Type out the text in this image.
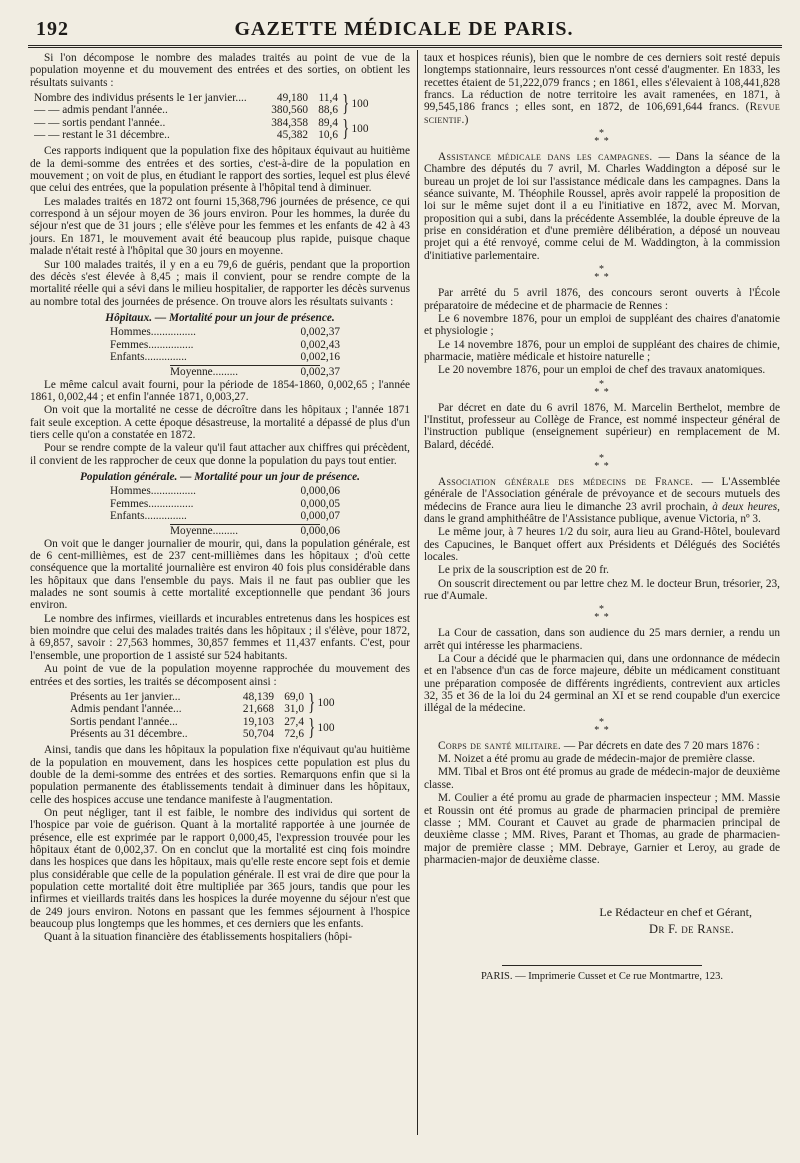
192	GAZETTE MÉDICALE DE PARIS.

Si l'on décompose le nombre des malades traités au point de vue de la population moyenne et du mouvement des entrées et des sorties, on obtient les résultats suivants :

Nombre des individus présents le 1er janvier....	49,180 11,4
— — admis pendant l'année..	380,560 88,6 } 100
— — sortis pendant l'année..	384,358 89,4
— — restant le 31 décembre..	45,382 10,6 } 100

Ces rapports indiquent que la population fixe des hôpitaux équivaut au huitième de la demi-somme des entrées et des sorties, c'est-à-dire de la population en mouvement ; on voit de plus, en étudiant le rapport des sorties, lequel est plus élevé que celui des entrées, que la population présente à l'hôpital tend à diminuer.

Les malades traités en 1872 ont fourni 15,368,796 journées de présence, ce qui correspond à un séjour moyen de 36 jours environ. Pour les hommes, la durée du séjour n'est que de 31 jours ; elle s'élève pour les femmes et les enfants de 42 à 43 jours. En 1871, le mouvement avait été beaucoup plus rapide, puisque chaque malade n'était resté à l'hôpital que 30 jours en moyenne.

Sur 100 malades traités, il y en a eu 79,6 de guéris, pendant que la proportion des décès s'est élevée à 8,45 ; mais il convient, pour se rendre compte de la mortalité réelle qui a sévi dans le milieu hospitalier, de rapporter les décès survenus au nombre total des journées de présence. On trouve alors les résultats suivants :

Hôpitaux. — Mortalité pour un jour de présence.
Hommes................	0,002,37
Femmes................	0,002,43
Enfants...............	0,002,16
Moyenne.........	0,002,37

Le même calcul avait fourni, pour la période de 1854-1860, 0,002,65 ; l'année 1861, 0,002,44 ; et enfin l'année 1871, 0,003,27.

On voit que la mortalité ne cesse de décroître dans les hôpitaux ; l'année 1871 fait seule exception. A cette époque désastreuse, la mortalité a dépassé de plus d'un tiers celle qu'on a constatée en 1872.

Pour se rendre compte de la valeur qu'il faut attacher aux chiffres qui précèdent, il convient de les rapprocher de ceux que donne la population du pays tout entier.

Population générale. — Mortalité pour un jour de présence.
Hommes................	0,000,06
Femmes................	0,000,05
Enfants...............	0,000,07
Moyenne.........	0,000,06

On voit que le danger journalier de mourir, qui, dans la population générale, est de 6 cent-millièmes, est de 237 cent-millièmes dans les hôpitaux ; d'où cette conséquence que la mortalité journalière est environ 40 fois plus considérable dans les hôpitaux que dans l'ensemble du pays. Mais il ne faut pas oublier que les malades ne sont soumis à cette mortalité exceptionnelle que pendant 36 jours environ.

Le nombre des infirmes, vieillards et incurables entretenus dans les hospices est bien moindre que celui des malades traités dans les hôpitaux ; il s'élève, pour 1872, à 69,857, savoir : 27,563 hommes, 30,857 femmes et 11,437 enfants. C'est, pour l'ensemble, une proportion de 1 assisté sur 524 habitants.

Au point de vue de la population moyenne rapprochée du mouvement des entrées et des sorties, les traités se décomposent ainsi :

Présents au 1er janvier...	48,139 69,0
Admis pendant l'année...	21,668 31,0 } 100
Sortis pendant l'année...	19,103 27,4
Présents au 31 décembre..	50,704 72,6 } 100

Ainsi, tandis que dans les hôpitaux la population fixe n'équivaut qu'au huitième de la population en mouvement, dans les hospices cette population est plus du double de la demi-somme des entrées et des sorties. Remarquons enfin que si la population permanente des établissements tendait à diminuer dans les hôpitaux, celle des hospices accuse une tendance manifeste à l'augmentation.

On peut négliger, tant il est faible, le nombre des individus qui sortent de l'hospice par voie de guérison. Quant à la mortalité rapportée à une journée de présence, elle est exprimée par le rapport 0,000,45, l'expression trouvée pour les hôpitaux étant de 0,002,37. On en conclut que la mortalité est cinq fois moindre dans les hospices que dans les hôpitaux, mais qu'elle reste encore sept fois et demie plus considérable que celle de la population générale. Il est vrai de dire que pour la population cette mortalité doit être multipliée par 365 jours, tandis que pour les infirmes et vieillards traités dans les hospices la durée moyenne du séjour n'est que de 249 jours environ. Notons en passant que les femmes séjournent à l'hospice beaucoup plus longtemps que les hommes, et ces derniers que les enfants.

Quant à la situation financière des établissements hospitaliers (hôpi-

taux et hospices réunis), bien que le nombre de ces derniers soit resté depuis longtemps stationnaire, leurs ressources n'ont cessé d'augmenter. En 1833, les recettes étaient de 51,222,079 francs ; en 1861, elles s'élevaient à 108,441,828 francs. La réduction de notre territoire les avait ramenées, en 1871, à 99,545,186 francs ; elles sont, en 1872, de 106,691,644 francs. (Revue scientif.)

*
* *

Assistance médicale dans les campagnes. — Dans la séance de la Chambre des députés du 7 avril, M. Charles Waddington a déposé sur le bureau un projet de loi sur l'assistance médicale dans les campagnes. Dans la séance suivante, M. Théophile Roussel, après avoir rappelé la proposition de loi sur le même sujet dont il a eu l'initiative en 1872, avec M. Morvan, proposition qui a subi, dans la précédente Assemblée, la double épreuve de la prise en considération et d'une première délibération, a déposé un nouveau projet qui a été renvoyé, comme celui de M. Waddington, à la commission d'initiative parlementaire.

*
* *

Par arrêté du 5 avril 1876, des concours seront ouverts à l'École préparatoire de médecine et de pharmacie de Rennes :

Le 6 novembre 1876, pour un emploi de suppléant des chaires d'anatomie et physiologie ;

Le 14 novembre 1876, pour un emploi de suppléant des chaires de chimie, pharmacie, matière médicale et histoire naturelle ;

Le 20 novembre 1876, pour un emploi de chef des travaux anatomiques.

*
* *

Par décret en date du 6 avril 1876, M. Marcelin Berthelot, membre de l'Institut, professeur au Collège de France, est nommé inspecteur général de l'instruction publique (enseignement supérieur) en remplacement de M. Balard, décédé.

*
* *

Association générale des médecins de France. — L'Assemblée générale de l'Association générale de prévoyance et de secours mutuels des médecins de France aura lieu le dimanche 23 avril prochain, à deux heures, dans le grand amphithéâtre de l'Assistance publique, avenue Victoria, nº 3.

Le même jour, à 7 heures 1/2 du soir, aura lieu au Grand-Hôtel, boulevard des Capucines, le Banquet offert aux Présidents et Délégués des Sociétés locales.

Le prix de la souscription est de 20 fr.

On souscrit directement ou par lettre chez M. le docteur Brun, trésorier, 23, rue d'Aumale.

*
* *

La Cour de cassation, dans son audience du 25 mars dernier, a rendu un arrêt qui intéresse les pharmaciens.

La Cour a décidé que le pharmacien qui, dans une ordonnance de médecin et en l'absence d'un cas de force majeure, débite un médicament constituant une préparation composée de différents ingrédients, contrevient aux articles 32, 35 et 36 de la loi du 24 germinal an XI et se rend coupable d'un exercice illégal de la médecine.

*
* *

Corps de santé militaire. — Par décrets en date des 7 20 mars 1876 :

M. Noizet a été promu au grade de médecin-major de première classe.

MM. Tibal et Bros ont été promus au grade de médecin-major de deuxième classe.

M. Coulier a été promu au grade de pharmacien inspecteur ; MM. Massie et Roussin ont été promus au grade de pharmacien principal de première classe ; MM. Courant et Cauvet au grade de pharmacien principal de deuxième classe ; MM. Rives, Parant et Thomas, au grade de pharmacien-major de première classe ; MM. Debraye, Garnier et Leroy, au grade de pharmacien-major de deuxième classe.

Le Rédacteur en chef et Gérant,
Dr F. de Ranse.
PARIS. — Imprimerie Cusset et Ce rue Montmartre, 123.
